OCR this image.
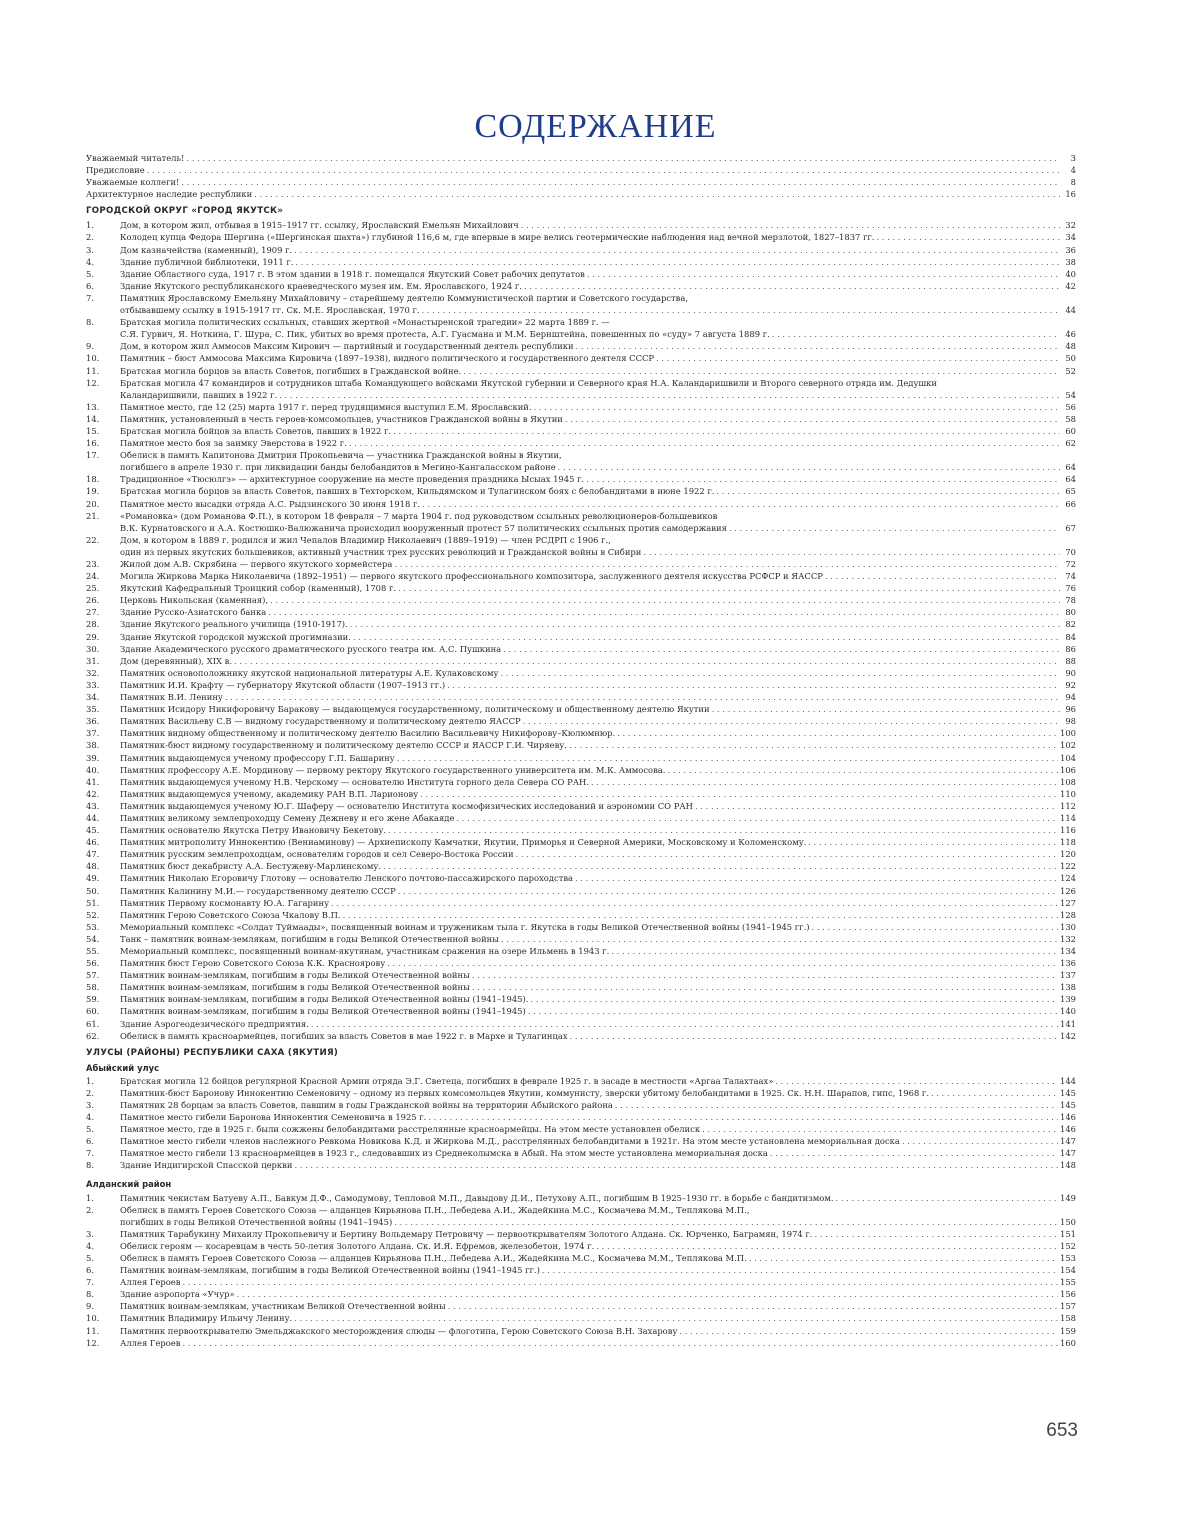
СОДЕРЖАНИЕ
Уважаемый читатель! . . .	3
Предисловие . . .	4
Уважаемые коллеги! . . .	8
Архитектурное наследие республики . . .	16
ГОРОДСКОЙ ОКРУГ «ГОРОД ЯКУТСК»
1.	Дом, в котором жил, отбывая в 1915–1917 гг. ссылку, Ярославский Емельян Михайлович . . .	32
2.	Колодец купца Федора Шергина («Шергинская шахта») глубиной 116,6 м, где впервые в мире велись геотермические наблюдения над вечной мерзлотой, 1827–1837 гг. . . .	34
3.	Дом казначейства (каменный), 1909 г. . . .	36
4.	Здание публичной библиотеки, 1911 г. . . .	38
5.	Здание Областного суда, 1917 г. В этом здании в 1918 г. помещался Якутский Совет рабочих депутатов . . .	40
6.	Здание Якутского республиканского краеведческого музея им. Ем. Ярославского, 1924 г. . . .	42
7.	Памятник Ярославскому Емельяну Михайловичу – старейшему деятелю Коммунистической партии и Советского государства,
отбывавшему ссылку в 1915-1917 гг. Ск. М.Е. Ярославская, 1970 г. . . .	44
8.	Братская могила политических ссыльных, ставших жертвой «Монастыренской трагедии» 22 марта 1889 г. —
С.Я. Гурвич, Я. Ноткина, Г. Шура, С. Пик, убитых во время протеста, А.Г. Гуасмана и М.М. Бернштейна, повешенных по «суду» 7 августа 1889 г. . . .	46
9.	Дом, в котором жил Аммосов Максим Кирович — партийный и государственный деятель республики . . .	48
10.	Памятник – бюст Аммосова Максима Кировича (1897–1938), видного политического и государственного деятеля СССР . . .	50
11.	Братская могила борцов за власть Советов, погибших в Гражданской войне. . . .	52
12.	Братская могила 47 командиров и сотрудников штаба Командующего войсками Якутской губернии и Северного края Н.А. Каландаришвили и Второго северного отряда им. Дедушки
Каландаришвили, павших в 1922 г. . . .	54
13.	Памятное место, где 12 (25) марта 1917 г. перед трудящимися выступил Е.М. Ярославский. . . .	56
14.	Памятник, установленный в честь героев-комсомольцев, участников Гражданской войны в Якутии . . .	58
15.	Братская могила бойцов за власть Советов, павших в 1922 г. . . .	60
16.	Памятное место боя за заимку Эверстова в 1922 г. . . .	62
17.	Обелиск в память Капитонова Дмитрия Прокопьевича — участника Гражданской войны в Якутии,
погибшего в апреле 1930 г. при ликвидации банды белобандитов в Мегино-Кангаласском районе . . .	64
18.	Традиционное «Тюсюлгэ» — архитектурное сооружение на месте проведения праздника Ысыах 1945 г. . . .	64
19.	Братская могила борцов за власть Советов, павших в Техторском, Кильдямском и Тулагинском боях с белобандитами в июне 1922 г. . . .	65
20.	Памятное место высадки отряда А.С. Рыдзинского 30 июня 1918 г. . . .	66
21.	«Романовка» (дом Романова Ф.П.), в котором 18 февраля – 7 марта 1904 г. под руководством ссыльных революционеров-большевиков
В.К. Курнатовского и А.А. Костюшко-Валюжанича происходил вооруженный протест 57 политических ссыльных против самодержавия . . .	67
22.	Дом, в котором в 1889 г. родился и жил Чепалов Владимир Николаевич (1889–1919) — член РСДРП с 1906 г.,
один из первых якутских большевиков, активный участник трех русских революций и Гражданской войны в Сибири . . .	70
23.	Жилой дом А.В. Скрябина — первого якутского хормейстера . . .	72
24.	Могила Жиркова Марка Николаевича (1892–1951) — первого якутского профессионального композитора, заслуженного деятеля искусства РСФСР и ЯАССР . . .	74
25.	Якутский Кафедральный Троицкий собор (каменный), 1708 г. . . .	76
26.	Церковь Никольская (каменная), . . .	78
27.	Здание Русско-Азиатского банка . . .	80
28.	Здание Якутского реального училища (1910-1917). . . .	82
29.	Здание Якутской городской мужской прогимназии. . . .	84
30.	Здание Академического русского драматического русского театра им. А.С. Пушкина . . .	86
31.	Дом (деревянный), XIX в. . . .	88
32.	Памятник основоположнику якутской национальной литературы А.Е. Кулаковскому . . .	90
33.	Памятник И.И. Крафту — губернатору Якутской области (1907–1913 гг.) . . .	92
34.	Памятник В.И. Ленину . . .	94
35.	Памятник Исидору Никифоровичу Баракову — выдающемуся государственному, политическому и общественному деятелю Якутии . . .	96
36.	Памятник Васильеву С.В — видному государственному и политическому деятелю ЯАССР . . .	98
37.	Памятник видному общественному и политическому деятелю Василию Васильевичу Никифорову–Кюлюмнюр. . . .	100
38.	Памятник-бюст видному государственному и политическому деятелю СССР и ЯАССР Г.И. Чиряеву. . . .	102
39.	Памятник выдающемуся ученому профессору Г.П. Башарину . . .	104
40.	Памятник профессору А.Е. Мординову — первому ректору Якутского государственного университета им. М.К. Аммосова. . . .	106
41.	Памятник выдающемуся ученому Н.В. Черскому — основателю Института горного дела Севера СО РАН. . . .	108
42.	Памятник выдающемуся ученому, академику РАН В.П. Ларионову . . .	110
43.	Памятник выдающемуся ученому Ю.Г. Шаферу — основателю Института космофизических исследований и аэрономии СО РАН . . .	112
44.	Памятник великому землепроходцу Семену Дежневу и его жене Абакаяде . . .	114
45.	Памятник основателю Якутска Петру Ивановичу Бекетову. . . .	116
46.	Памятник митрополиту Иннокентию (Вениаминову) — Архиепископу Камчатки, Якутии, Приморья и Северной Америки, Московскому и Коломенскому. . . .	118
47.	Памятник русским землепроходцам, основателям городов и сел Северо-Востока России . . .	120
48.	Памятник бюст декабристу А.А. Бестужеву-Марлинскому. . . .	122
49.	Памятник Николаю Егоровичу Глотову — основателю Ленского почтово-пассажирского пароходства . . .	124
50.	Памятник Калинину М.И.— государственному деятелю СССР . . .	126
51.	Памятник Первому космонавту Ю.А. Гагарину . . .	127
52.	Памятник Герою Советского Союза Чкалову В.П. . . .	128
53.	Мемориальный комплекс «Солдат Туймаады», посвященный воинам и труженикам тыла г. Якутска в годы Великой Отечественной войны (1941–1945 гг.) . . .	130
54.	Танк – памятник воинам-землякам, погибшим в годы Великой Отечественной войны . . .	132
55.	Мемориальный комплекс, посвященный воинам-якутянам, участникам сражения на озере Ильмень в 1943 г. . . .	134
56.	Памятник бюст Герою Советского Союза К.К. Красноярову . . .	136
57.	Памятник воинам-землякам, погибшим в годы Великой Отечественной войны . . .	137
58.	Памятник воинам-землякам, погибшим в годы Великой Отечественной войны . . .	138
59.	Памятник воинам-землякам, погибшим в годы Великой Отечественной войны (1941–1945). . . .	139
60.	Памятник воинам-землякам, погибшим в годы Великой Отечественной войны (1941–1945) . . .	140
61.	Здание Аэрогеодезического предприятия. . . .	141
62.	Обелиск в память красноармейцев, погибших за власть Советов в мае 1922 г. в Мархе и Тулагинцах . . .	142
УЛУСЫ (РАЙОНЫ) РЕСПУБЛИКИ САХА (ЯКУТИЯ)
Абыйский улус
1.	Братская могила 12 бойцов регулярной Красной Армии отряда Э.Г. Светеца, погибших в феврале 1925 г. в засаде в местности «Аргаа Талахтаах» . . .	144
2.	Памятник-бюст Баронову Иннокентию Семеновичу – одному из первых комсомольцев Якутии, коммунисту, зверски убитому белобандитами в 1925. Ск. Н.Н. Шарапов, гипс, 1968 г. . . .	145
3.	Памятник 28 борцам за власть Советов, павшим в годы Гражданской войны на территории Абыйского района . . .	145
4.	Памятное место гибели Баронова Иннокентия Семеновича в 1925 г. . . .	146
5.	Памятное место, где в 1925 г. были сожжены белобандитами расстрелянные красноармейцы. На этом месте установлен обелиск . . .	146
6.	Памятное место гибели членов наслежного Ревкома Новикова К.Д. и Жиркова М.Д., расстрелянных белобандитами в 1921г. На этом месте установлена мемориальная доска . . .	147
7.	Памятное место гибели 13 красноармейцев в 1923 г., следовавших из Среднеколымска в Абый. На этом месте установлена мемориальная доска . . .	147
8.	Здание Индигирской Спасской церкви . . .	148
Алданский район
1.	Памятник чекистам Батуеву А.П., Бавкум Д.Ф., Самодумову, Тепловой М.П., Давыдову Д.И., Петухову А.П., погибшим В 1925–1930 гг. в борьбе с бандитизмом. . . .	149
2.	Обелиск в память Героев Советского Союза — алданцев Кирьянова П.Н., Лебедева А.И., Жадейкина М.С., Космачева М.М., Теплякова М.П.,
погибших в годы Великой Отечественной войны (1941–1945) . . .	150
3.	Памятник Тарабукину Михаилу Прокопьевичу и Бертину Вольдемару Петровичу — первооткрывателям Золотого Алдана. Ск. Юрченко, Баграмян, 1974 г. . . .	151
4.	Обелиск героям — косаревцам в честь 50-летия Золотого Алдана. Ск. И.Я. Ефремов, железобетон, 1974 г. . . .	152
5.	Обелиск в память Героев Советского Союза — алданцев Кирьянова П.Н., Лебедева А.И., Жадейкина М.С., Космачева М.М., Теплякова М.П. . . .	153
6.	Памятник воинам-землякам, погибшим в годы Великой Отечественной войны (1941–1945 гг.) . . .	154
7.	Аллея Героев . . .	155
8.	Здание аэропорта «Учур» . . .	156
9.	Памятник воинам-землякам, участникам Великой Отечественной войны . . .	157
10.	Памятник Владимиру Ильичу Ленину. . . .	158
11.	Памятник первооткрывателю Эмельджакского месторождения слюды — флоготипа, Герою Советского Союза В.Н. Захарову . . .	159
12.	Аллея Героев . . .	160
653
